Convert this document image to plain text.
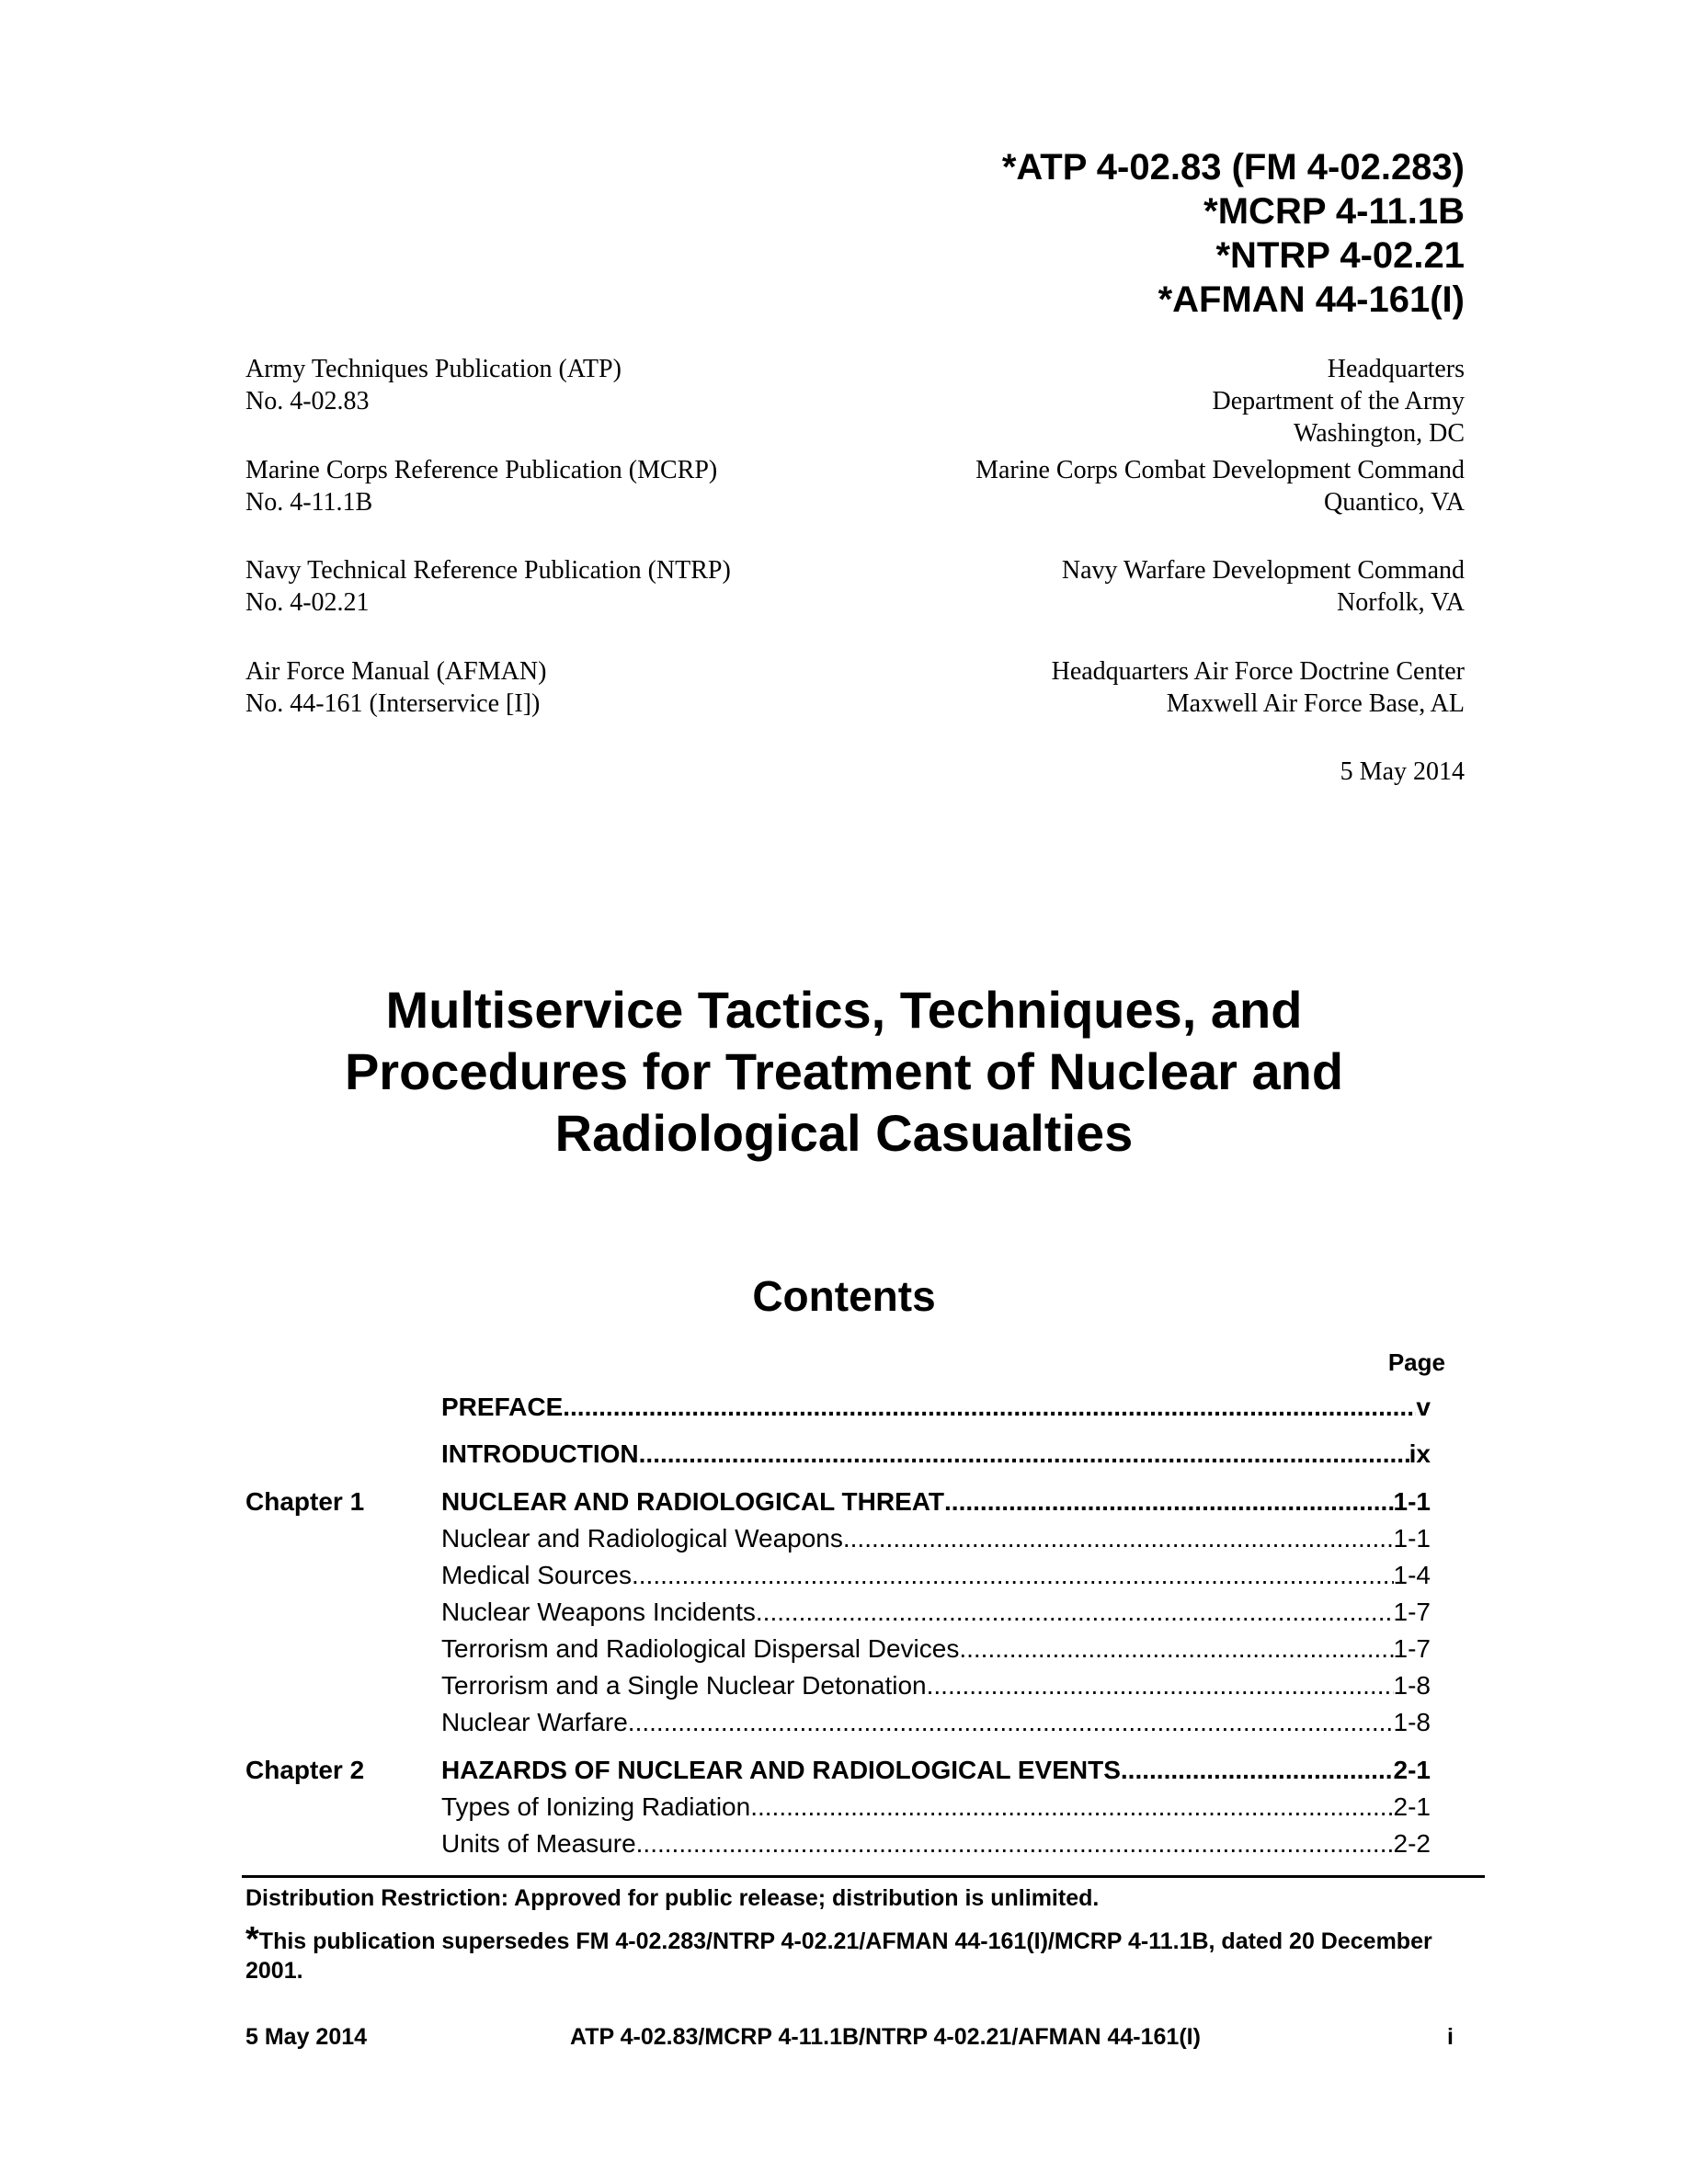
*ATP 4-02.83 (FM 4-02.283)
*MCRP 4-11.1B
*NTRP 4-02.21
*AFMAN 44-161(I)
Army Techniques Publication (ATP)
No. 4-02.83
Headquarters
Department of the Army
Washington, DC
Marine Corps Reference Publication (MCRP)
No. 4-11.1B
Marine Corps Combat Development Command
Quantico, VA
Navy Technical Reference Publication (NTRP)
No. 4-02.21
Navy Warfare Development Command
Norfolk, VA
Air Force Manual (AFMAN)
No. 44-161 (Interservice [I])
Headquarters Air Force Doctrine Center
Maxwell Air Force Base, AL
5 May 2014
Multiservice Tactics, Techniques, and
Procedures for Treatment of Nuclear and
Radiological Casualties
Contents
Page
PREFACE .....	v
INTRODUCTION .....	ix
Chapter 1	NUCLEAR AND RADIOLOGICAL THREAT .....	1-1
Nuclear and Radiological Weapons .....	1-1
Medical Sources .....	1-4
Nuclear Weapons Incidents .....	1-7
Terrorism and Radiological Dispersal Devices .....	1-7
Terrorism and a Single Nuclear Detonation .....	1-8
Nuclear Warfare .....	1-8
Chapter 2	HAZARDS OF NUCLEAR AND RADIOLOGICAL EVENTS .....	2-1
Types of Ionizing Radiation .....	2-1
Units of Measure .....	2-2
Distribution Restriction: Approved for public release; distribution is unlimited.
*This publication supersedes FM 4-02.283/NTRP 4-02.21/AFMAN 44-161(I)/MCRP 4-11.1B, dated 20 December 2001.
5 May 2014	ATP 4-02.83/MCRP 4-11.1B/NTRP 4-02.21/AFMAN 44-161(I)	i
